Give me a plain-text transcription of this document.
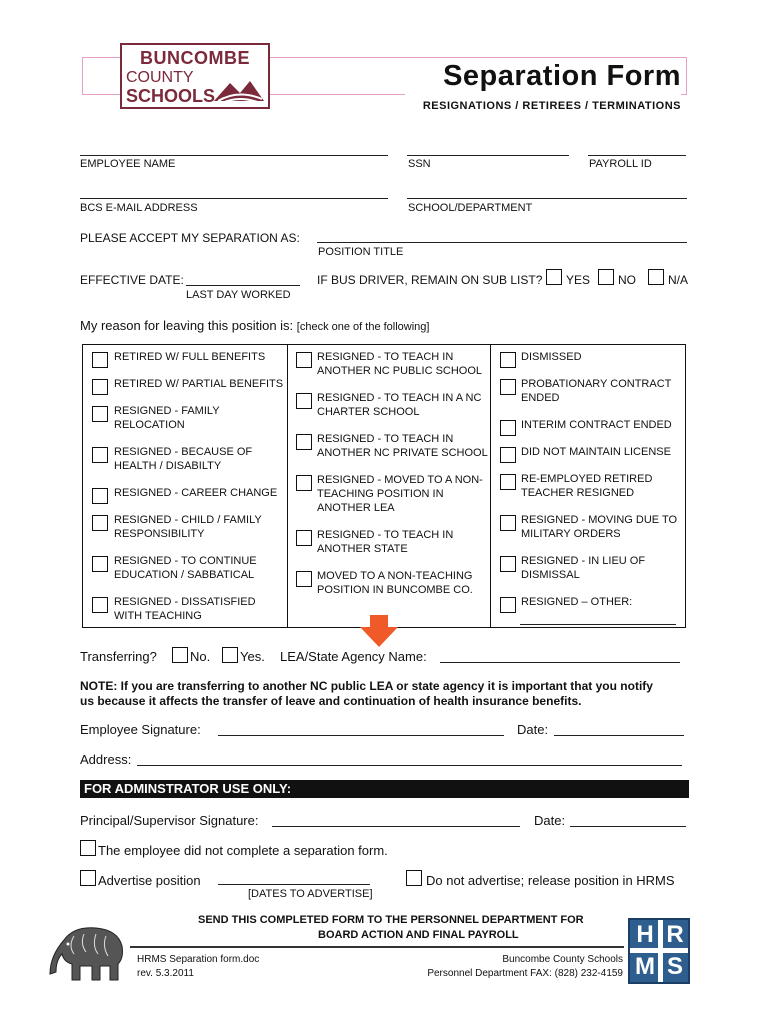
BUNCOMBE
COUNTY
SCHOOLS
Separation Form
RESIGNATIONS / RETIREES / TERMINATIONS
EMPLOYEE NAME	SSN	PAYROLL ID
BCS E-MAIL ADDRESS	SCHOOL/DEPARTMENT
PLEASE ACCEPT MY SEPARATION AS:
POSITION TITLE
EFFECTIVE DATE:
LAST DAY WORKED
IF BUS DRIVER, REMAIN ON SUB LIST? YES NO	N/A
My reason for leaving this position is: [check one of the following]
RETIRED W/ FULL BENEFITS
RETIRED W/ PARTIAL BENEFITS
RESIGNED - FAMILY
RELOCATION
RESIGNED - BECAUSE OF
HEALTH / DISABILTY
RESIGNED - CAREER CHANGE
RESIGNED - CHILD / FAMILY
RESPONSIBILITY
RESIGNED - TO CONTINUE
EDUCATION / SABBATICAL
RESIGNED - DISSATISFIED
WITH TEACHING
RESIGNED - TO TEACH IN
ANOTHER NC PUBLIC SCHOOL
RESIGNED - TO TEACH IN A NC
CHARTER SCHOOL
RESIGNED - TO TEACH IN
ANOTHER NC PRIVATE SCHOOL
RESIGNED - MOVED TO A NON-
TEACHING POSITION IN
ANOTHER LEA
RESIGNED - TO TEACH IN
ANOTHER STATE
MOVED TO A NON-TEACHING
POSITION IN BUNCOMBE CO.
DISMISSED
PROBATIONARY CONTRACT
ENDED
INTERIM CONTRACT ENDED
DID NOT MAINTAIN LICENSE
RE-EMPLOYED RETIRED
TEACHER RESIGNED
RESIGNED - MOVING DUE TO
MILITARY ORDERS
RESIGNED - IN LIEU OF
DISMISSAL
RESIGNED – OTHER:
Transferring?	No. Yes. LEA/State Agency Name:
NOTE: If you are transferring to another NC public LEA or state agency it is important that you notify
us because it affects the transfer of leave and continuation of health insurance benefits.
Employee Signature:	Date:
Address:
FOR ADMINSTRATOR USE ONLY:
Principal/Supervisor Signature:	Date:
The employee did not complete a separation form.
Advertise position
[DATES TO ADVERTISE]
Do not advertise; release position in HRMS
SEND THIS COMPLETED FORM TO THE PERSONNEL DEPARTMENT FOR
BOARD ACTION AND FINAL PAYROLL
HRMS Separation form.doc
rev. 5.3.2011
Buncombe County Schools
Personnel Department FAX: (828) 232-4159
H R
M S
